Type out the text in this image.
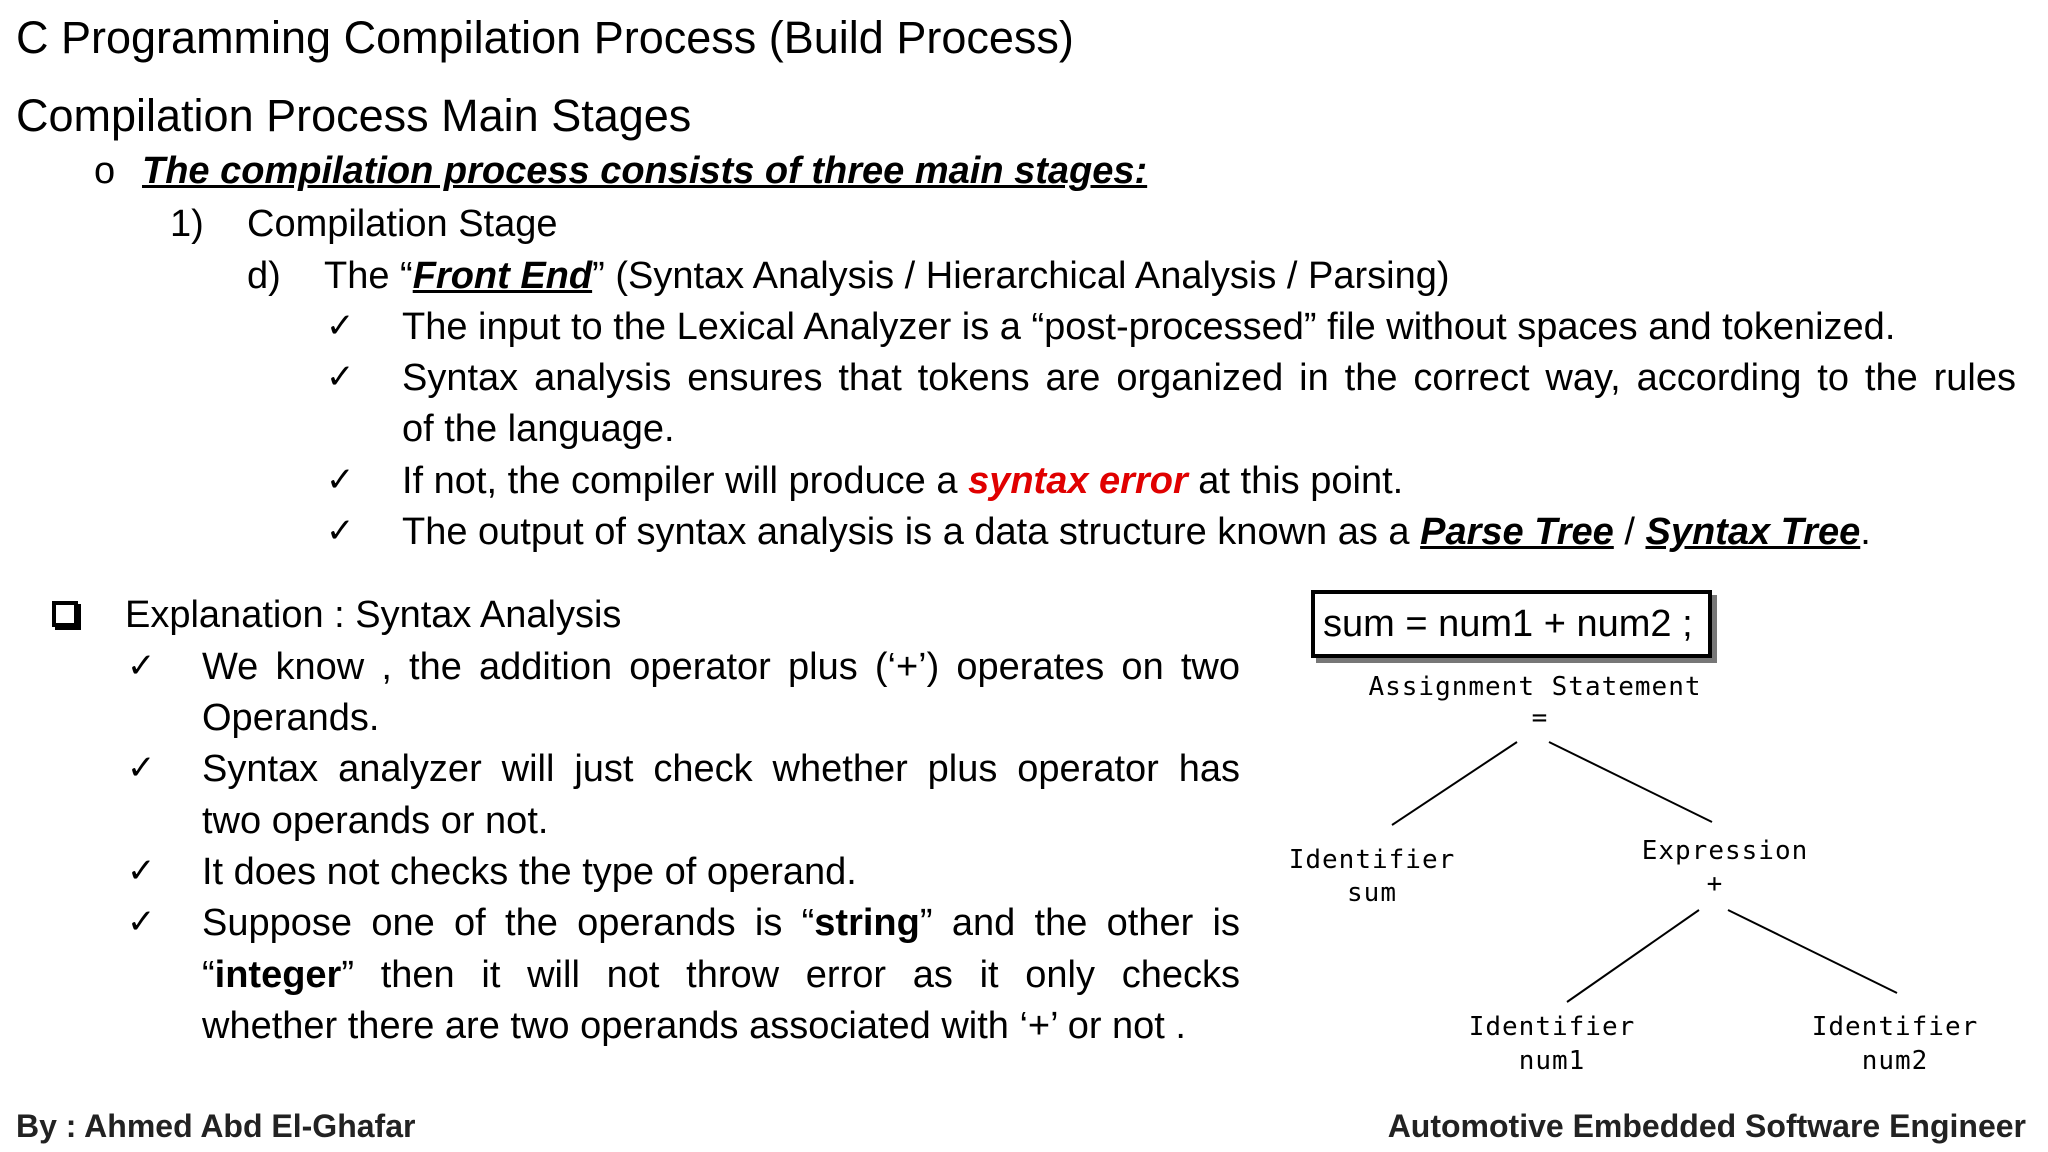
C Programming Compilation Process (Build Process)
Compilation Process Main Stages
o The compilation process consists of three main stages:
1) Compilation Stage
d) The “Front End” (Syntax Analysis / Hierarchical Analysis / Parsing)
✓ The input to the Lexical Analyzer is a “post-processed” file without spaces and tokenized.
✓ Syntax analysis ensures that tokens are organized in the correct way, according to the rules
of the language.
✓ If not, the compiler will produce a syntax error at this point.
✓ The output of syntax analysis is a data structure known as a Parse Tree / Syntax Tree.
Explanation : Syntax Analysis
✓ We know , the addition operator plus (‘+’) operates on two
Operands.
✓ Syntax analyzer will just check whether plus operator has
two operands or not.
✓ It does not checks the type of operand.
✓ Suppose one of the operands is “string” and the other is
“integer” then it will not throw error as it only checks
whether there are two operands associated with ‘+’ or not .
sum = num1 + num2 ;
Assignment Statement
=
Identifier
sum
Expression
+
Identifier
num1
Identifier
num2
By : Ahmed Abd El-Ghafar	Automotive Embedded Software Engineer
